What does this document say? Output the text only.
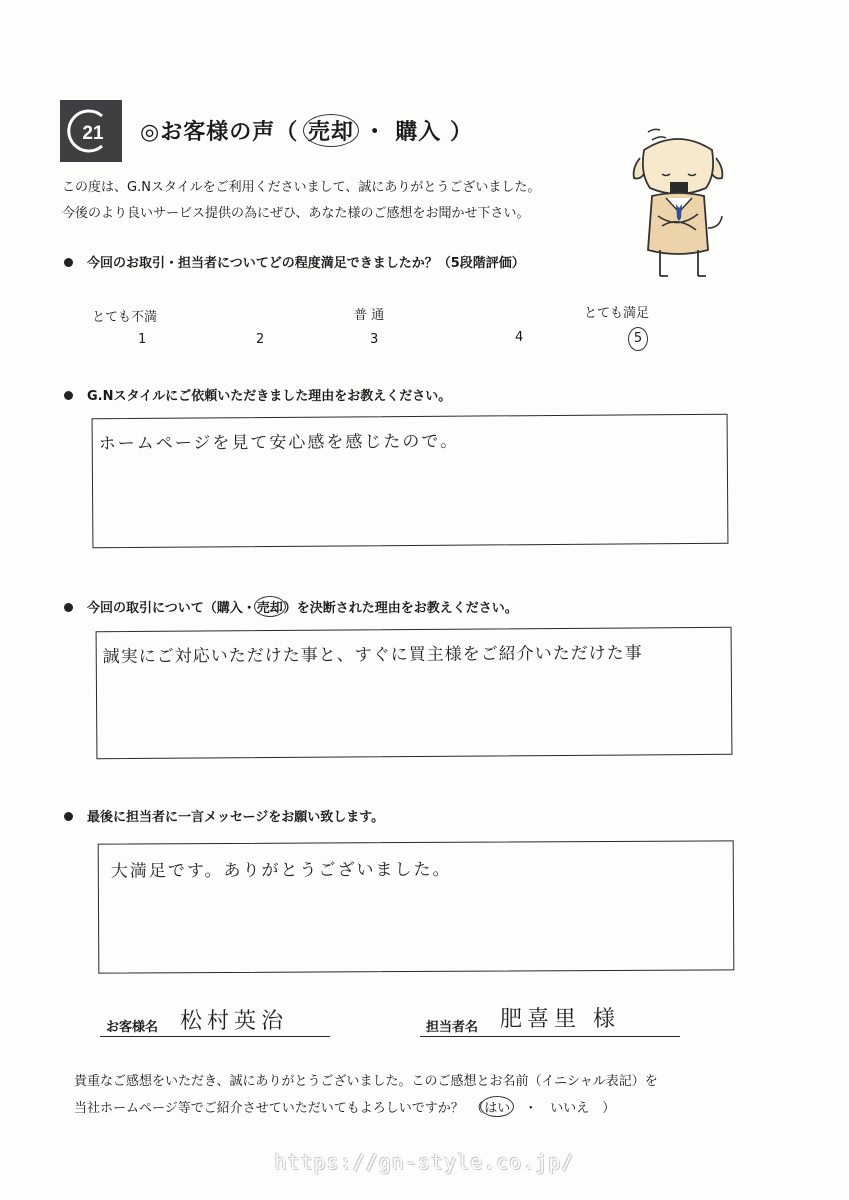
21 ◎お客様の声（ 売却 ・ 購入 ）
この度は、G.Nスタイルをご利用くださいまして、誠にありがとうございました。
今後のより良いサービス提供の為にぜひ、あなた様のご感想をお聞かせ下さい。
今回のお取引・担当者についてどの程度満足できましたか？（5段階評価）
とても不満	普 通	とても満足
1	2	3	4	5
G.Nスタイルにご依頼いただきました理由をお教えください。
ホームページを見て安心感を感じたので。
今回の取引について（購入・売却）を決断された理由をお教えください。
誠実にご対応いただけた事と、すぐに買主様をご紹介いただけた事
最後に担当者に一言メッセージをお願い致します。
大満足です。ありがとうございました。
お客様名 松村英治	担当者名 肥喜里 様
貴重なご感想をいただき、誠にありがとうございました。このご感想とお名前（イニシャル表記）を
当社ホームページ等でご紹介させていただいてもよろしいですか？　（はい　・　いいえ　）
https://gn-style.co.jp/
